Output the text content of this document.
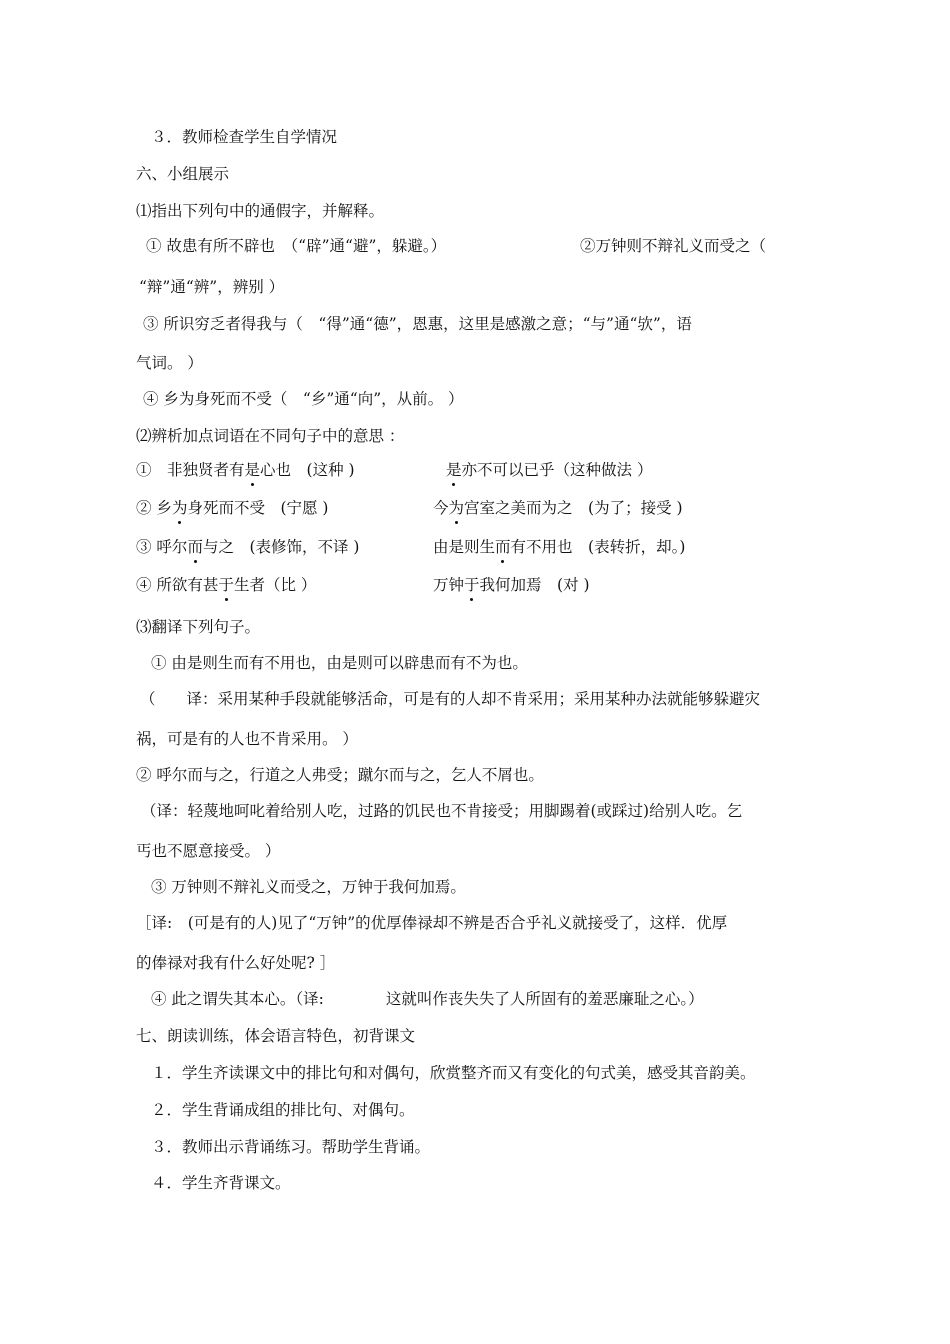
３．教师检查学生自学情况
六、小组展示
⑴指出下列句中的通假字，并解释。
① 故患有所不辟也　（“辟”通“避”，躲避。）	②万钟则不辩礼义而受之（
“辩”通“辨”，辨别 ）
③ 所识穷乏者得我与（　“得”通“德”，恩惠，这里是感激之意；“与”通“欤”，语
气词。 ）
④ 乡为身死而不受（　“乡”通“向”，从前。 ）
⑵辨析加点词语在不同句子中的意思 ：
①　非独贤者有是心也　(这种 )	是亦不可以已乎（这种做法 ）
② 乡为身死而不受　(宁愿 )	今为宫室之美而为之　(为了；接受 )
③ 呼尔而与之　(表修饰，不译 )	由是则生而有不用也　(表转折，却。)
④ 所欲有甚于生者（比 ）	万钟于我何加焉　(对 )
⑶翻译下列句子。
① 由是则生而有不用也，由是则可以辟患而有不为也。
（　　译：采用某种手段就能够活命，可是有的人却不肯采用；采用某种办法就能够躲避灾
祸，可是有的人也不肯采用。 ）
② 呼尔而与之，行道之人弗受；蹴尔而与之，乞人不屑也。
（译：轻蔑地呵叱着给别人吃，过路的饥民也不肯接受；用脚踢着(或踩过)给别人吃。乞
丐也不愿意接受。 ）
③ 万钟则不辩礼义而受之，万钟于我何加焉。
［译:　(可是有的人)见了“万钟”的优厚俸禄却不辨是否合乎礼义就接受了，这样．优厚
的俸禄对我有什么好处呢? ］
④ 此之谓失其本心。（译:　　　　这就叫作丧失失了人所固有的羞恶廉耻之心。）
七、朗读训练，体会语言特色，初背课文
１．学生齐读课文中的排比句和对偶句，欣赏整齐而又有变化的句式美，感受其音韵美。
２．学生背诵成组的排比句、对偶句。
３．教师出示背诵练习。帮助学生背诵。
４．学生齐背课文。
